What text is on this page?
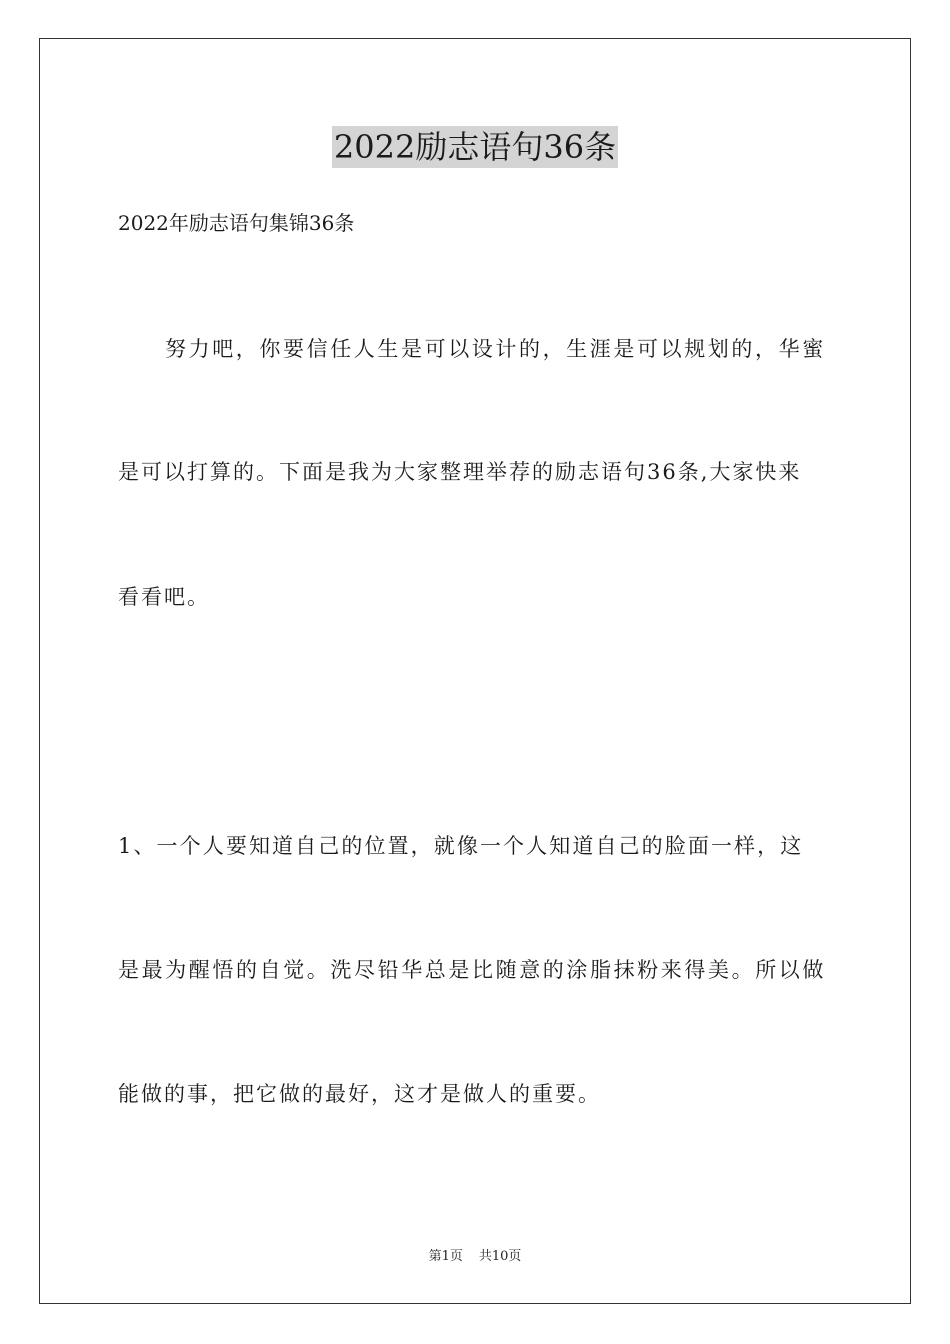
2022励志语句36条
2022年励志语句集锦36条
努力吧，你要信任人生是可以设计的，生涯是可以规划的，华蜜
是可以打算的。下面是我为大家整理举荐的励志语句36条,大家快来
看看吧。
1、一个人要知道自己的位置，就像一个人知道自己的脸面一样，这
是最为醒悟的自觉。洗尽铅华总是比随意的涂脂抹粉来得美。所以做
能做的事，把它做的最好，这才是做人的重要。
第1页 共10页
